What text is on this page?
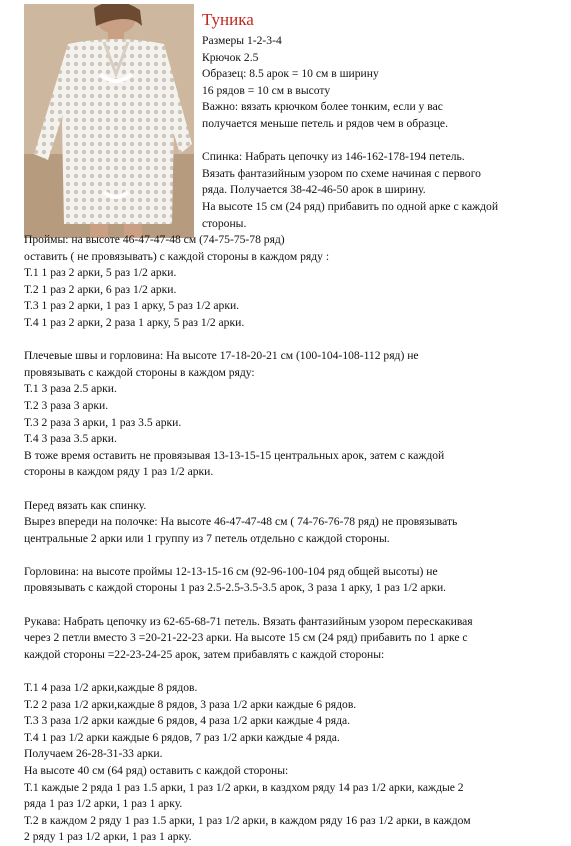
Туника
Размеры 1-2-3-4
Крючок 2.5
Образец: 8.5 арок = 10 см в ширину
16 рядов = 10 см в высоту
Важно: вязать крючком более тонким, если у вас
получается меньше петель и рядов чем в образце.

Спинка: Набрать цепочку из 146-162-178-194 петель.
Вязать фантазийным узором по схеме начиная с первого
ряда. Получается 38-42-46-50 арок в ширину.
На высоте 15 см (24 ряд) прибавить по одной арке с каждой
стороны.
Проймы: на высоте 46-47-47-48 см (74-75-75-78 ряд)
оставить ( не провязывать) с каждой стороны в каждом ряду :
Т.1 1 раз 2 арки, 5 раз 1/2 арки.
Т.2 1 раз 2 арки, 6 раз 1/2 арки.
Т.3 1 раз 2 арки, 1 раз 1 арку, 5 раз 1/2 арки.
Т.4 1 раз 2 арки, 2 раза 1 арку, 5 раз 1/2 арки.

Плечевые швы и горловина: На высоте 17-18-20-21 см (100-104-108-112 ряд) не
провязывать с каждой стороны в каждом ряду:
Т.1 3 раза 2.5 арки.
Т.2 3 раза 3 арки.
Т.3 2 раза 3 арки, 1 раз 3.5 арки.
Т.4 3 раза 3.5 арки.
В тоже время оставить не провязывая 13-13-15-15 центральных арок, затем с каждой
стороны в каждом ряду 1 раз 1/2 арки.

Перед вязать как спинку.
Вырез впереди на полочке: На высоте 46-47-47-48 см ( 74-76-76-78 ряд) не провязывать
центральные 2 арки или 1 группу из 7 петель отдельно с каждой стороны.

Горловина: на высоте проймы 12-13-15-16 см (92-96-100-104 ряд общей высоты) не
провязывать с каждой стороны 1 раз 2.5-2.5-3.5-3.5 арок, 3 раза 1 арку, 1 раз 1/2 арки.

Рукава: Набрать цепочку из 62-65-68-71 петель. Вязать фантазийным узором перескакивая
через 2 петли вместо 3 =20-21-22-23 арки. На высоте 15 см (24 ряд) прибавить по 1 арке с
каждой стороны =22-23-24-25 арок, затем прибавлять с каждой стороны:

Т.1 4 раза 1/2 арки,каждые 8 рядов.
Т.2 2 раза 1/2 арки,каждые 8 рядов, 3 раза 1/2 арки каждые 6 рядов.
Т.3 3 раза 1/2 арки каждые 6 рядов, 4 раза 1/2 арки каждые 4 ряда.
Т.4 1 раз 1/2 арки каждые 6 рядов, 7 раз 1/2 арки каждые 4 ряда.
Получаем 26-28-31-33 арки.
На высоте 40 см (64 ряд) оставить с каждой стороны:
Т.1 каждые 2 ряда 1 раз 1.5 арки, 1 раз 1/2 арки, в каздхом ряду 14 раз 1/2 арки, каждые 2
ряда 1 раз 1/2 арки, 1 раз 1 арку.
Т.2 в каждом 2 ряду 1 раз 1.5 арки, 1 раз 1/2 арки, в каждом ряду 16 раз 1/2 арки, в каждом
2 ряду 1 раз 1/2 арки, 1 раз 1 арку.
